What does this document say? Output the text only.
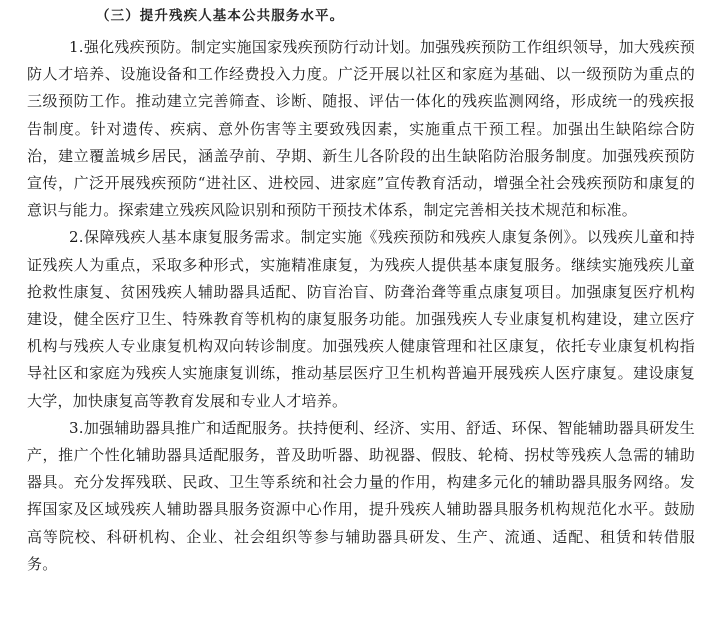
（三）提升残疾人基本公共服务水平。

1.强化残疾预防。制定实施国家残疾预防行动计划。加强残疾预防工作组织领导，加大残疾预防人才培养、设施设备和工作经费投入力度。广泛开展以社区和家庭为基础、以一级预防为重点的三级预防工作。推动建立完善筛查、诊断、随报、评估一体化的残疾监测网络，形成统一的残疾报告制度。针对遗传、疾病、意外伤害等主要致残因素，实施重点干预工程。加强出生缺陷综合防治，建立覆盖城乡居民，涵盖孕前、孕期、新生儿各阶段的出生缺陷防治服务制度。加强残疾预防宣传，广泛开展残疾预防“进社区、进校园、进家庭”宣传教育活动，增强全社会残疾预防和康复的意识与能力。探索建立残疾风险识别和预防干预技术体系，制定完善相关技术规范和标准。

2.保障残疾人基本康复服务需求。制定实施《残疾预防和残疾人康复条例》。以残疾儿童和持证残疾人为重点，采取多种形式，实施精准康复，为残疾人提供基本康复服务。继续实施残疾儿童抢救性康复、贫困残疾人辅助器具适配、防盲治盲、防聋治聋等重点康复项目。加强康复医疗机构建设，健全医疗卫生、特殊教育等机构的康复服务功能。加强残疾人专业康复机构建设，建立医疗机构与残疾人专业康复机构双向转诊制度。加强残疾人健康管理和社区康复，依托专业康复机构指导社区和家庭为残疾人实施康复训练，推动基层医疗卫生机构普遍开展残疾人医疗康复。建设康复大学，加快康复高等教育发展和专业人才培养。

3.加强辅助器具推广和适配服务。扶持便利、经济、实用、舒适、环保、智能辅助器具研发生产，推广个性化辅助器具适配服务，普及助听器、助视器、假肢、轮椅、拐杖等残疾人急需的辅助器具。充分发挥残联、民政、卫生等系统和社会力量的作用，构建多元化的辅助器具服务网络。发挥国家及区域残疾人辅助器具服务资源中心作用，提升残疾人辅助器具服务机构规范化水平。鼓励高等院校、科研机构、企业、社会组织等参与辅助器具研发、生产、流通、适配、租赁和转借服务。
